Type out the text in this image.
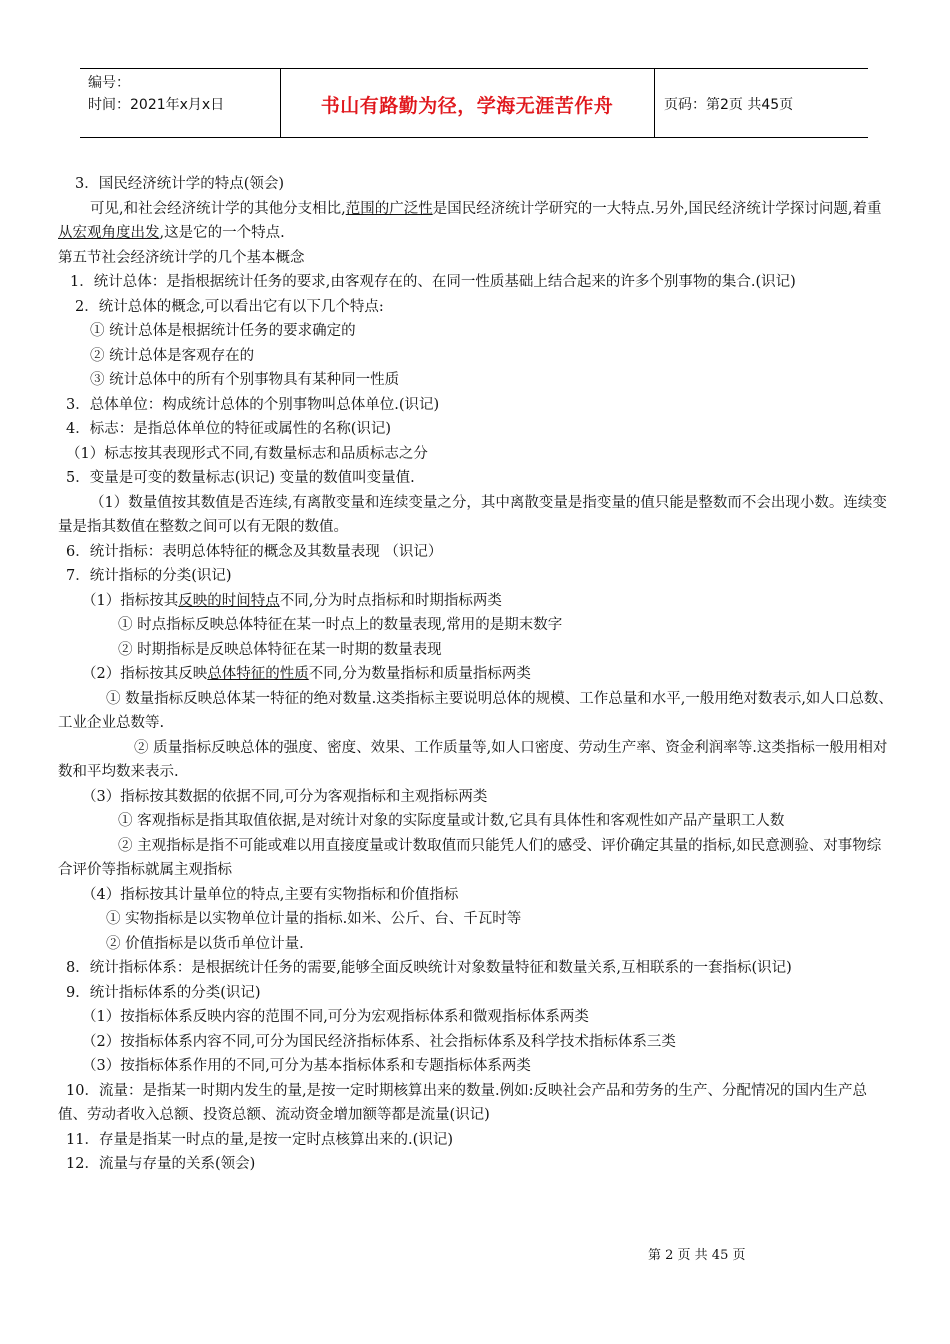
编号：
时间：2021年x月x日	书山有路勤为径，学海无涯苦作舟	页码：第2页 共45页
3．国民经济统计学的特点(领会)
可见,和社会经济统计学的其他分支相比,范围的广泛性是国民经济统计学研究的一大特点.另外,国民经济统计学探讨问题,着重从宏观角度出发,这是它的一个特点.
第五节社会经济统计学的几个基本概念
1．统计总体：是指根据统计任务的要求,由客观存在的、在同一性质基础上结合起来的许多个别事物的集合.(识记)
2．统计总体的概念,可以看出它有以下几个特点:
① 统计总体是根据统计任务的要求确定的
② 统计总体是客观存在的
③ 统计总体中的所有个别事物具有某种同一性质
3．总体单位：构成统计总体的个别事物叫总体单位.(识记)
4．标志：是指总体单位的特征或属性的名称(识记)
（1）标志按其表现形式不同,有数量标志和品质标志之分
5．变量是可变的数量标志(识记) 变量的数值叫变量值.
（1）数量值按其数值是否连续,有离散变量和连续变量之分，其中离散变量是指变量的值只能是整数而不会出现小数。连续变量是指其数值在整数之间可以有无限的数值。
6．统计指标：表明总体特征的概念及其数量表现 （识记）
7．统计指标的分类(识记)
（1）指标按其反映的时间特点不同,分为时点指标和时期指标两类
① 时点指标反映总体特征在某一时点上的数量表现,常用的是期末数字
② 时期指标是反映总体特征在某一时期的数量表现
（2）指标按其反映总体特征的性质不同,分为数量指标和质量指标两类
① 数量指标反映总体某一特征的绝对数量.这类指标主要说明总体的规模、工作总量和水平,一般用绝对数表示,如人口总数、工业企业总数等.
② 质量指标反映总体的强度、密度、效果、工作质量等,如人口密度、劳动生产率、资金利润率等.这类指标一般用相对数和平均数来表示.
（3）指标按其数据的依据不同,可分为客观指标和主观指标两类
① 客观指标是指其取值依据,是对统计对象的实际度量或计数,它具有具体性和客观性如产品产量职工人数
② 主观指标是指不可能或难以用直接度量或计数取值而只能凭人们的感受、评价确定其量的指标,如民意测验、对事物综合评价等指标就属主观指标
（4）指标按其计量单位的特点,主要有实物指标和价值指标
① 实物指标是以实物单位计量的指标.如米、公斤、台、千瓦时等
② 价值指标是以货币单位计量.
8．统计指标体系：是根据统计任务的需要,能够全面反映统计对象数量特征和数量关系,互相联系的一套指标(识记)
9．统计指标体系的分类(识记)
（1）按指标体系反映内容的范围不同,可分为宏观指标体系和微观指标体系两类
（2）按指标体系内容不同,可分为国民经济指标体系、社会指标体系及科学技术指标体系三类
（3）按指标体系作用的不同,可分为基本指标体系和专题指标体系两类
10．流量：是指某一时期内发生的量,是按一定时期核算出来的数量.例如:反映社会产品和劳务的生产、分配情况的国内生产总值、劳动者收入总额、投资总额、流动资金增加额等都是流量(识记)
11．存量是指某一时点的量,是按一定时点核算出来的.(识记)
12．流量与存量的关系(领会)
第 2 页 共 45 页
